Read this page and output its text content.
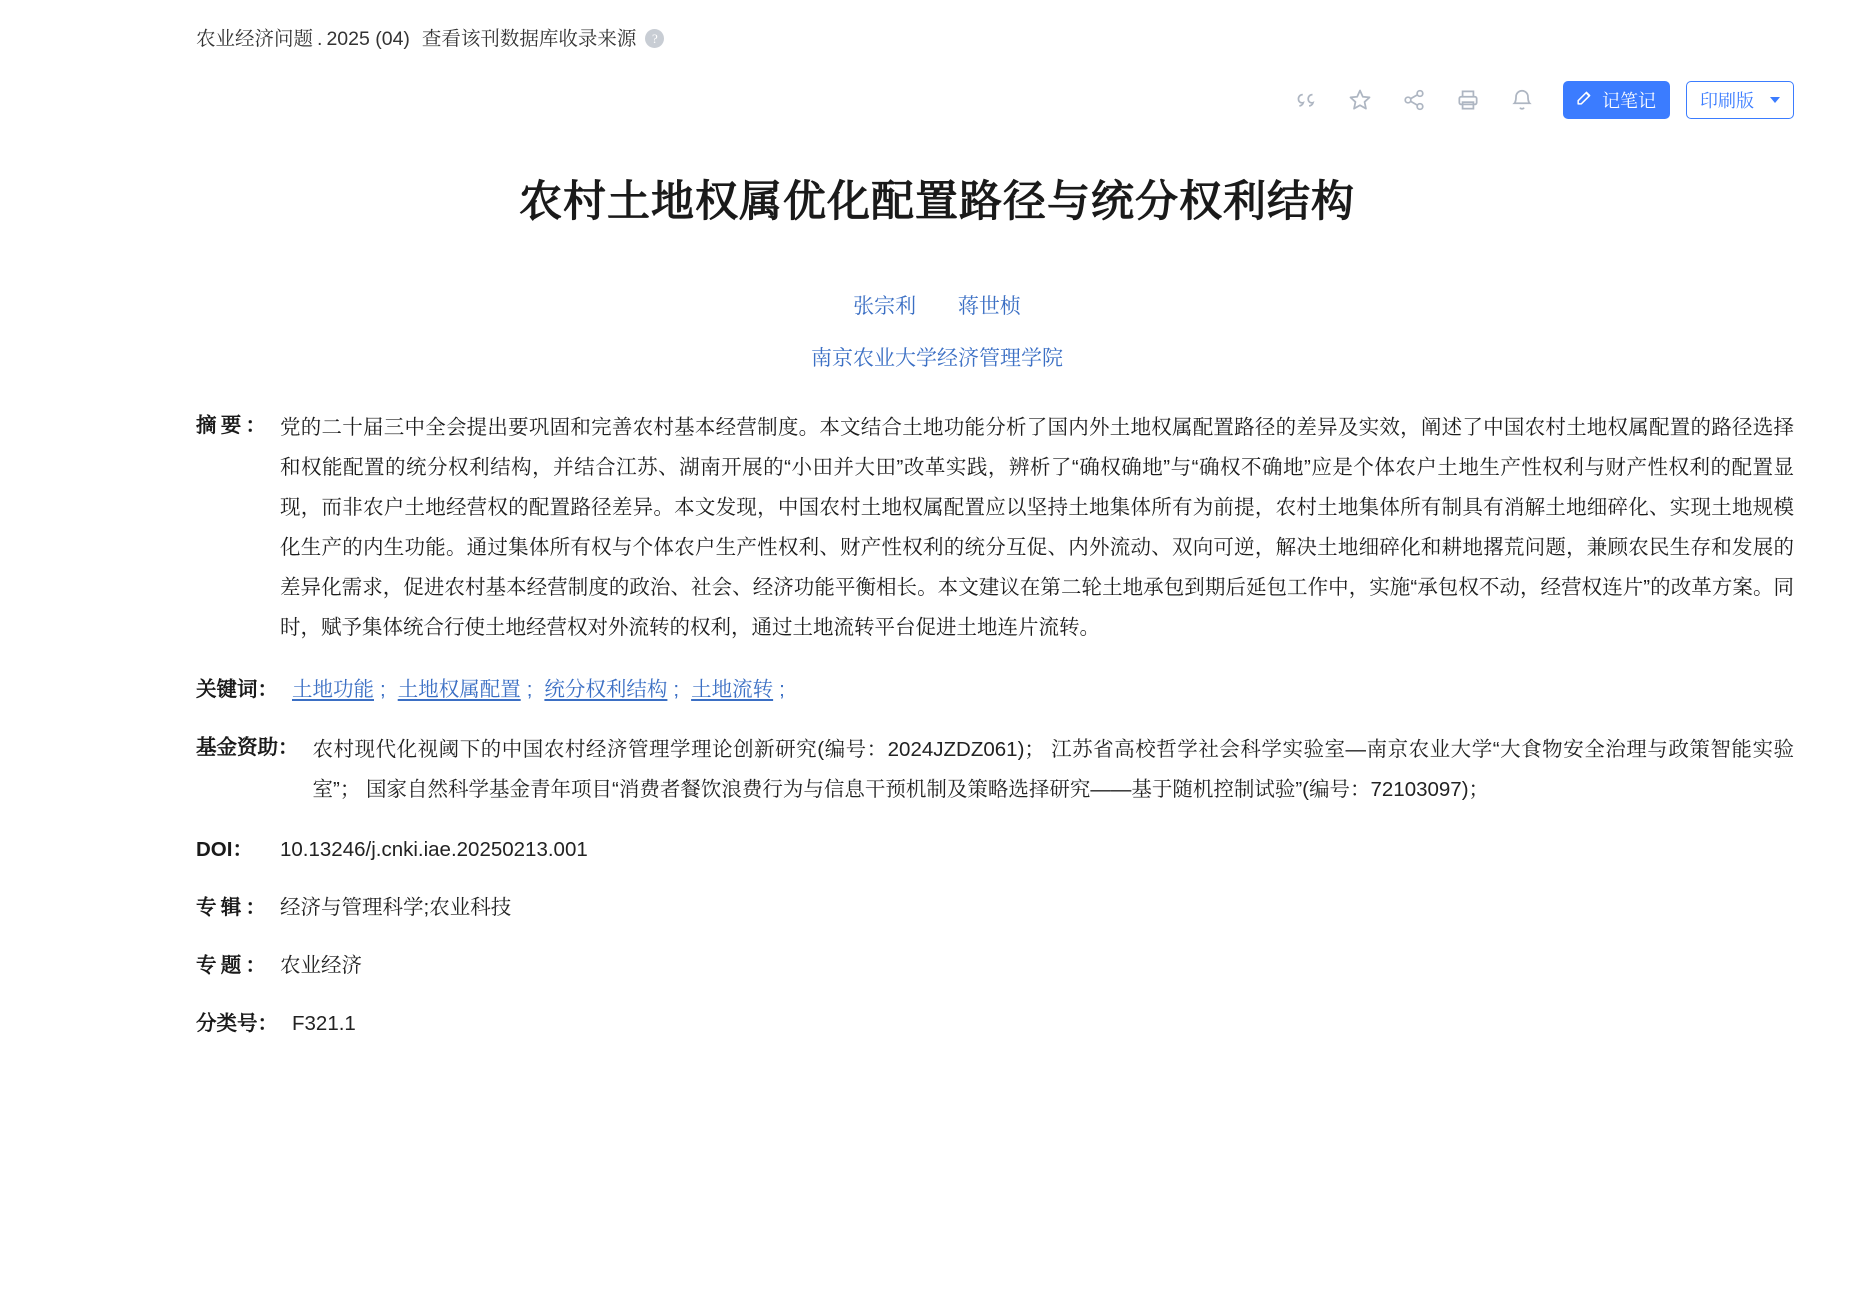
农业经济问题 . 2025 (04) 查看该刊数据库收录来源 ?
记笔记 印刷版
农村土地权属优化配置路径与统分权利结构
张宗利 蒋世桢
南京农业大学经济管理学院
摘要： 党的二十届三中全会提出要巩固和完善农村基本经营制度。本文结合土地功能分析了国内外土地权属配置路径的差异及实效，阐述了中国农村土地权属配置的路径选择和权能配置的统分权利结构，并结合江苏、湖南开展的“小田并大田”改革实践，辨析了“确权确地”与“确权不确地”应是个体农户土地生产性权利与财产性权利的配置显现，而非农户土地经营权的配置路径差异。本文发现，中国农村土地权属配置应以坚持土地集体所有为前提，农村土地集体所有制具有消解土地细碎化、实现土地规模化生产的内生功能。通过集体所有权与个体农户生产性权利、财产性权利的统分互促、内外流动、双向可逆，解决土地细碎化和耕地撂荒问题，兼顾农民生存和发展的差异化需求，促进农村基本经营制度的政治、社会、经济功能平衡相长。本文建议在第二轮土地承包到期后延包工作中，实施“承包权不动，经营权连片”的改革方案。同时，赋予集体统合行使土地经营权对外流转的权利，通过土地流转平台促进土地连片流转。
关键词： 土地功能 ; 土地权属配置 ; 统分权利结构 ; 土地流转 ;
基金资助： 农村现代化视阈下的中国农村经济管理学理论创新研究(编号：2024JZDZ061)； 江苏省高校哲学社会科学实验室—南京农业大学“大食物安全治理与政策智能实验室”； 国家自然科学基金青年项目“消费者餐饮浪费行为与信息干预机制及策略选择研究——基于随机控制试验”(编号：72103097)；
DOI：	10.13246/j.cnki.iae.20250213.001
专辑： 经济与管理科学;农业科技
专题： 农业经济
分类号： F321.1
